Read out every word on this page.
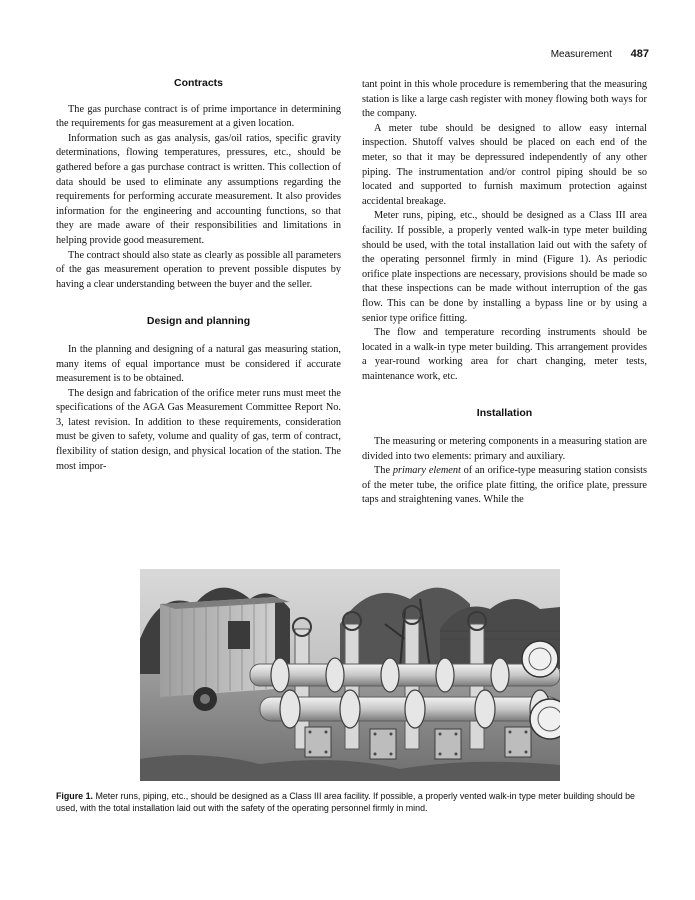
Measurement 487
Contracts

The gas purchase contract is of prime importance in determining the requirements for gas measurement at a given location.

Information such as gas analysis, gas/oil ratios, specific gravity determinations, flowing temperatures, pressures, etc., should be gathered before a gas purchase contract is written. This collection of data should be used to eliminate any assumptions regarding the requirements for performing accurate measurement. It also provides information for the engineering and accounting functions, so that they are made aware of their responsibilities and limitations in helping provide good measurement.

The contract should also state as clearly as possible all parameters of the gas measurement operation to prevent possible disputes by having a clear understanding between the buyer and the seller.

Design and planning

In the planning and designing of a natural gas measuring station, many items of equal importance must be considered if accurate measurement is to be obtained.

The design and fabrication of the orifice meter runs must meet the specifications of the AGA Gas Measurement Committee Report No. 3, latest revision. In addition to these requirements, consideration must be given to safety, volume and quality of gas, term of contract, flexibility of station design, and physical location of the station. The most impor-

tant point in this whole procedure is remembering that the measuring station is like a large cash register with money flowing both ways for the company.

A meter tube should be designed to allow easy internal inspection. Shutoff valves should be placed on each end of the meter, so that it may be depressured independently of any other piping. The instrumentation and/or control piping should be so located and supported to furnish maximum protection against accidental breakage.

Meter runs, piping, etc., should be designed as a Class III area facility. If possible, a properly vented walk-in type meter building should be used, with the total installation laid out with the safety of the operating personnel firmly in mind (Figure 1). As periodic orifice plate inspections are necessary, provisions should be made so that these inspections can be made without interruption of the gas flow. This can be done by installing a bypass line or by using a senior type orifice fitting.

The flow and temperature recording instruments should be located in a walk-in type meter building. This arrangement provides a year-round working area for chart changing, meter tests, maintenance work, etc.

Installation

The measuring or metering components in a measuring station are divided into two elements: primary and auxiliary.

The primary element of an orifice-type measuring station consists of the meter tube, the orifice plate fitting, the orifice plate, pressure taps and straightening vanes. While the

Figure 1. Meter runs, piping, etc., should be designed as a Class III area facility. If possible, a properly vented walk-in type meter building should be used, with the total installation laid out with the safety of the operating personnel firmly in mind.
